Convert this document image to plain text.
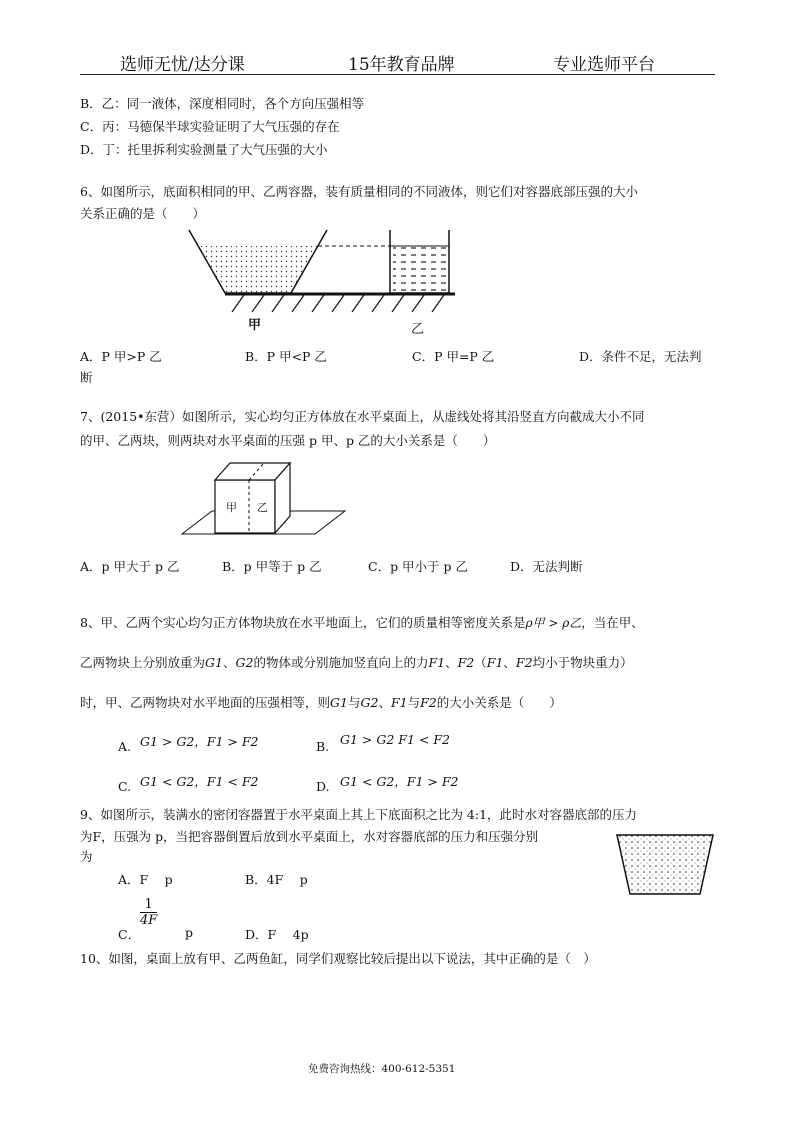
选师无忧/达分课	15年教育品牌	专业选师平台
B．乙：同一液体，深度相同时，各个方向压强相等
C．丙：马德保半球实验证明了大气压强的存在
D．丁：托里拆利实验测量了大气压强的大小
6、如图所示，底面积相同的甲、乙两容器，装有质量相同的不同液体，则它们对容器底部压强的大小
关系正确的是（　　）
甲	乙
A．P 甲>P 乙	B．P 甲<P 乙	C．P 甲=P 乙	D．条件不足，无法判
断
7、(2015•东营）如图所示，实心均匀正方体放在水平桌面上，从虚线处将其沿竖直方向截成大小不同
的甲、乙两块，则两块对水平桌面的压强 p 甲、p 乙的大小关系是（　　）
甲 乙
A．p 甲大于 p 乙	B．p 甲等于 p 乙	C．p 甲小于 p 乙	D．无法判断
8、甲、乙两个实心均匀正方体物块放在水平地面上，它们的质量相等密度关系是ρ甲 > ρ乙，当在甲、
乙两物块上分别放重为G1、G2的物体或分别施加竖直向上的力F1、F2（F1、F2均小于物块重力）
时，甲、乙两物块对水平地面的压强相等，则G1与G2、F1与F2的大小关系是（　　）
A. G1 > G2，F1 > F2	B. G1 > G2 F1 < F2
C. G1 < G2，F1 < F2	D. G1 < G2，F1 > F2
9、如图所示，装满水的密闭容器置于水平桌面上其上下底面积之比为 4:1，此时水对容器底部的压力
为F，压强为 p，当把容器倒置后放到水平桌面上，水对容器底部的压力和压强分别
为
A．F　 p	B．4F　 p
C．
$\frac{1}{4F}$
p	D．F　 4p
10、如图，桌面上放有甲、乙两鱼缸，同学们观察比较后提出以下说法，其中正确的是（　）
免费咨询热线：400-612-5351
